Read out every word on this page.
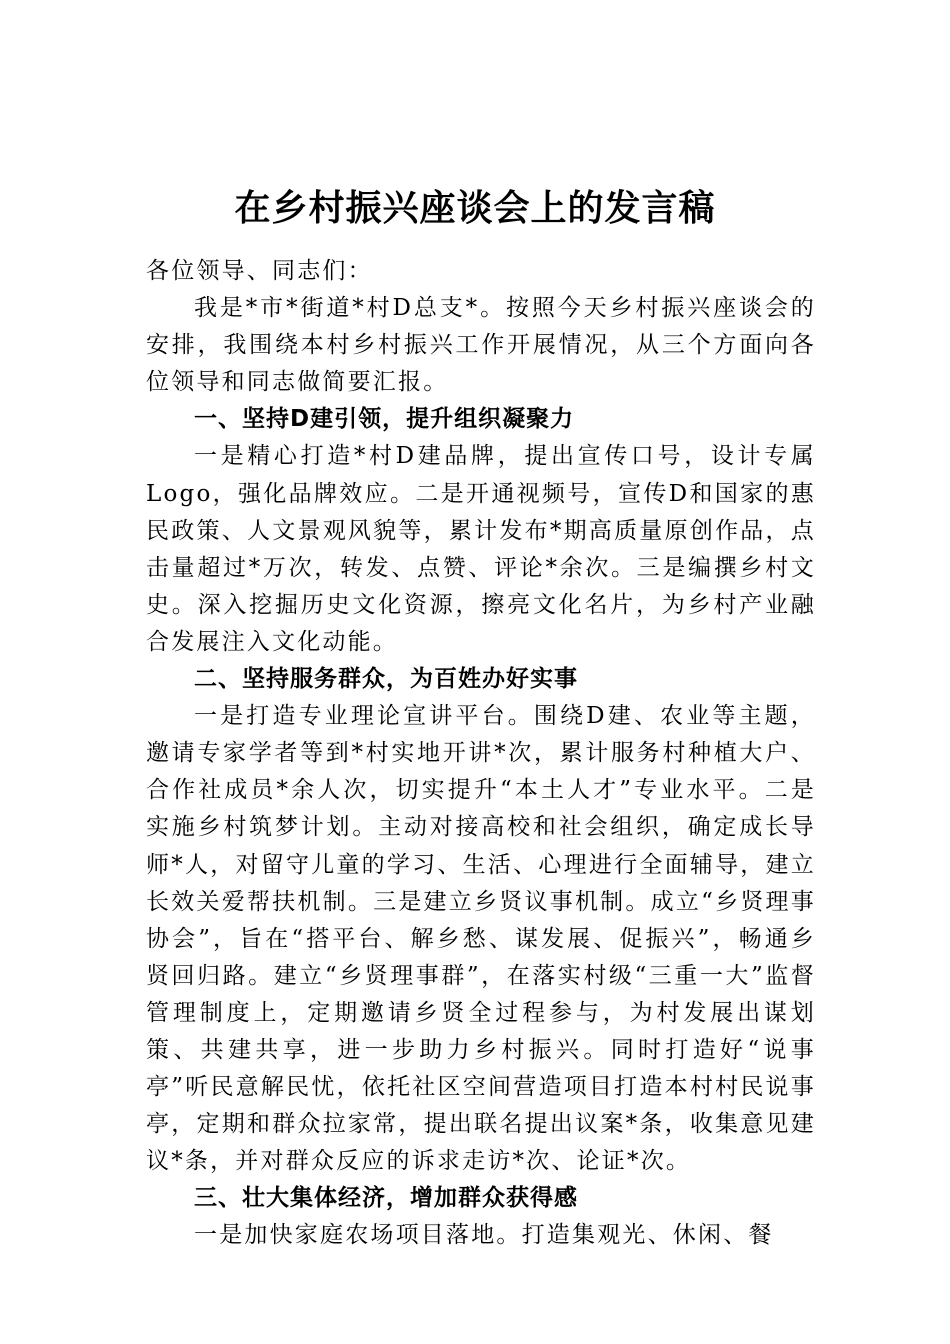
在乡村振兴座谈会上的发言稿

各位领导、同志们：

我是*市*街道*村D总支*。按照今天乡村振兴座谈会的安排，我围绕本村乡村振兴工作开展情况，从三个方面向各位领导和同志做简要汇报。

一、坚持D建引领，提升组织凝聚力

一是精心打造*村D建品牌，提出宣传口号，设计专属Logo，强化品牌效应。二是开通视频号，宣传D和国家的惠民政策、人文景观风貌等，累计发布*期高质量原创作品，点击量超过*万次，转发、点赞、评论*余次。三是编撰乡村文史。深入挖掘历史文化资源，擦亮文化名片，为乡村产业融合发展注入文化动能。

二、坚持服务群众，为百姓办好实事

一是打造专业理论宣讲平台。围绕D建、农业等主题，邀请专家学者等到*村实地开讲*次，累计服务村种植大户、合作社成员*余人次，切实提升“本土人才”专业水平。二是实施乡村筑梦计划。主动对接高校和社会组织，确定成长导师*人，对留守儿童的学习、生活、心理进行全面辅导，建立长效关爱帮扶机制。三是建立乡贤议事机制。成立“乡贤理事协会”，旨在“搭平台、解乡愁、谋发展、促振兴”，畅通乡贤回归路。建立“乡贤理事群”，在落实村级“三重一大”监督管理制度上，定期邀请乡贤全过程参与，为村发展出谋划策、共建共享，进一步助力乡村振兴。同时打造好“说事亭”听民意解民忧，依托社区空间营造项目打造本村村民说事亭，定期和群众拉家常，提出联名提出议案*条，收集意见建议*条，并对群众反应的诉求走访*次、论证*次。

三、壮大集体经济，增加群众获得感

一是加快家庭农场项目落地。打造集观光、休闲、餐
